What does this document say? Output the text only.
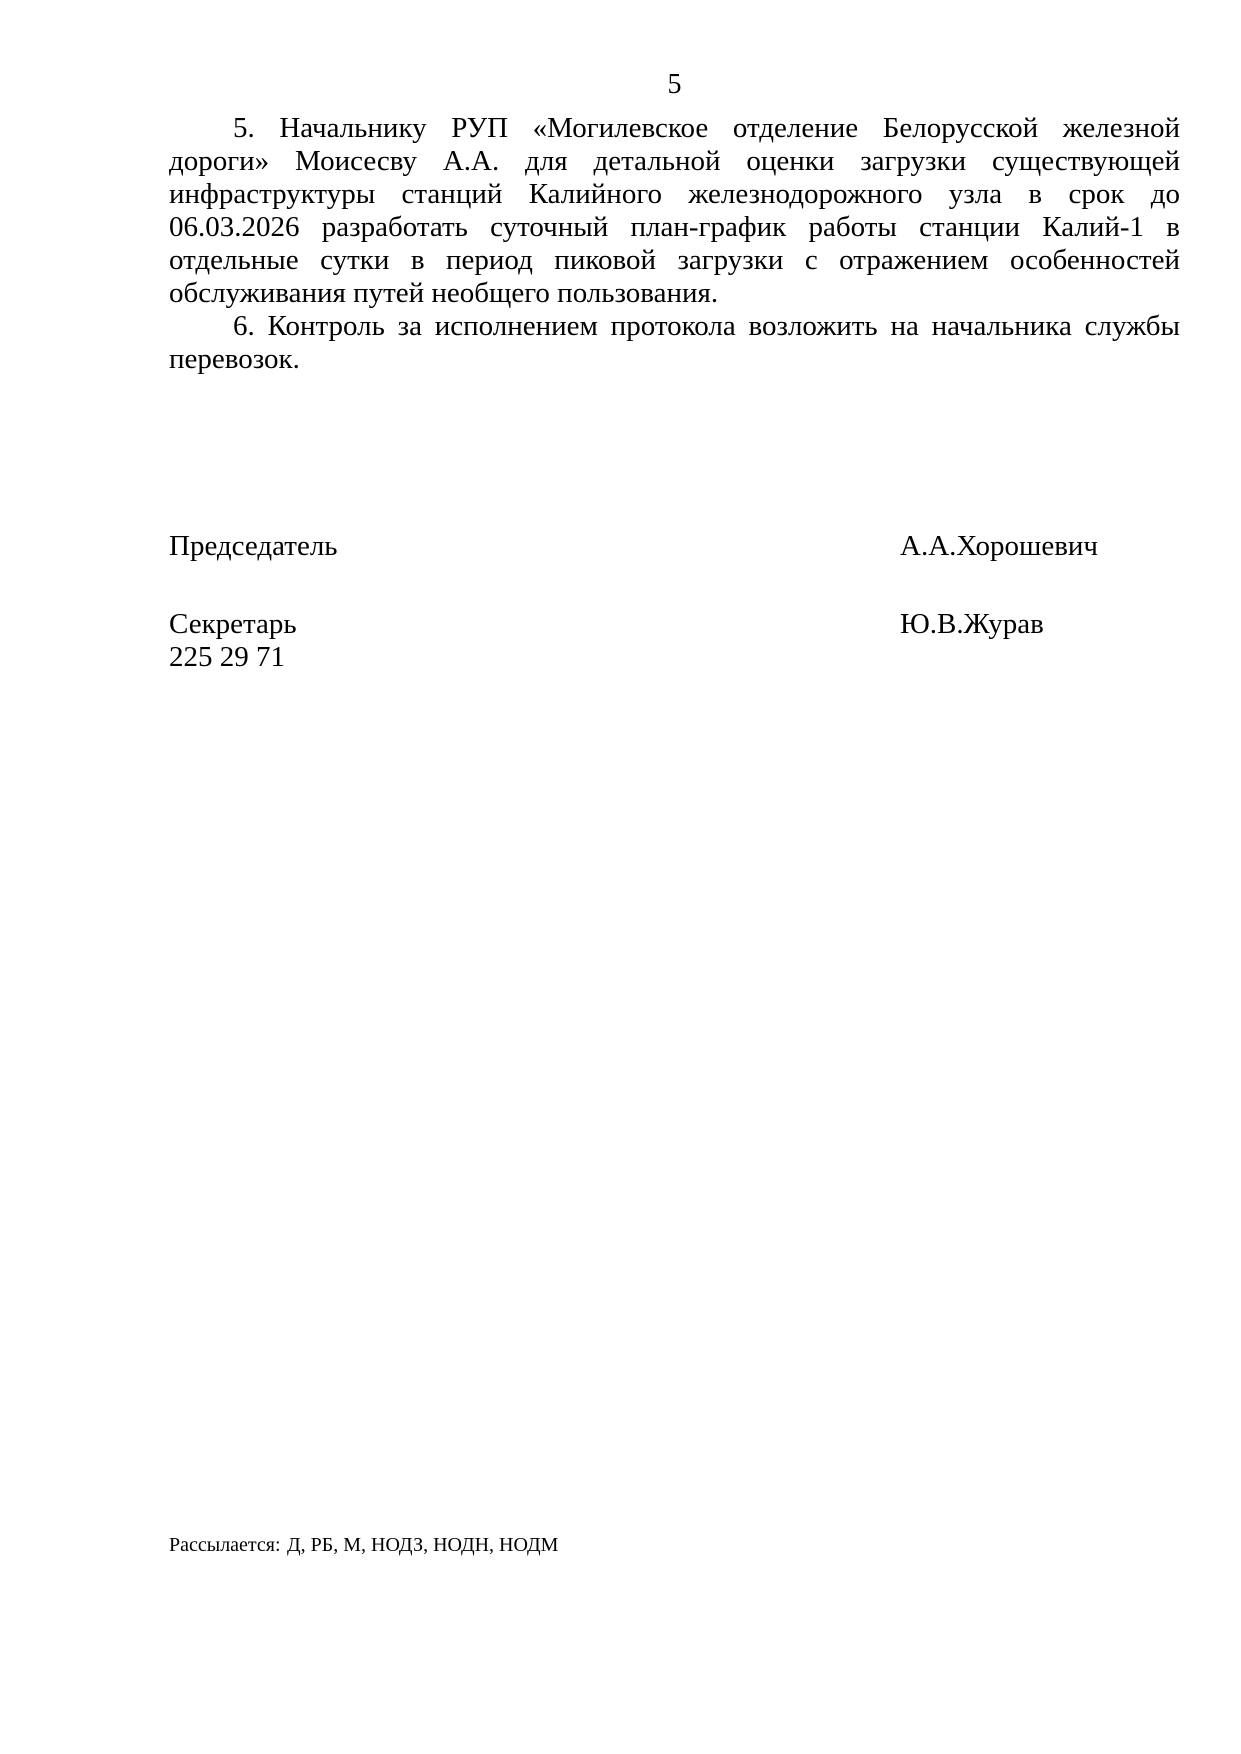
5
5. Начальнику РУП «Могилевское отделение Белорусской железной
дороги» Моисесву А.А. для детальной оценки загрузки существующей
инфраструктуры станций Калийного железнодорожного узла в срок до
06.03.2026 разработать суточный план-график работы станции Калий-1 в
отдельные сутки в период пиковой загрузки с отражением особенностей
обслуживания путей необщего пользования.
6. Контроль за исполнением протокола возложить на начальника службы
перевозок.
Председатель	А.А.Хорошевич
Секретарь	Ю.В.Журав
225 29 71
Рассылается: Д, РБ, М, НОДЗ, НОДН, НОДМ
